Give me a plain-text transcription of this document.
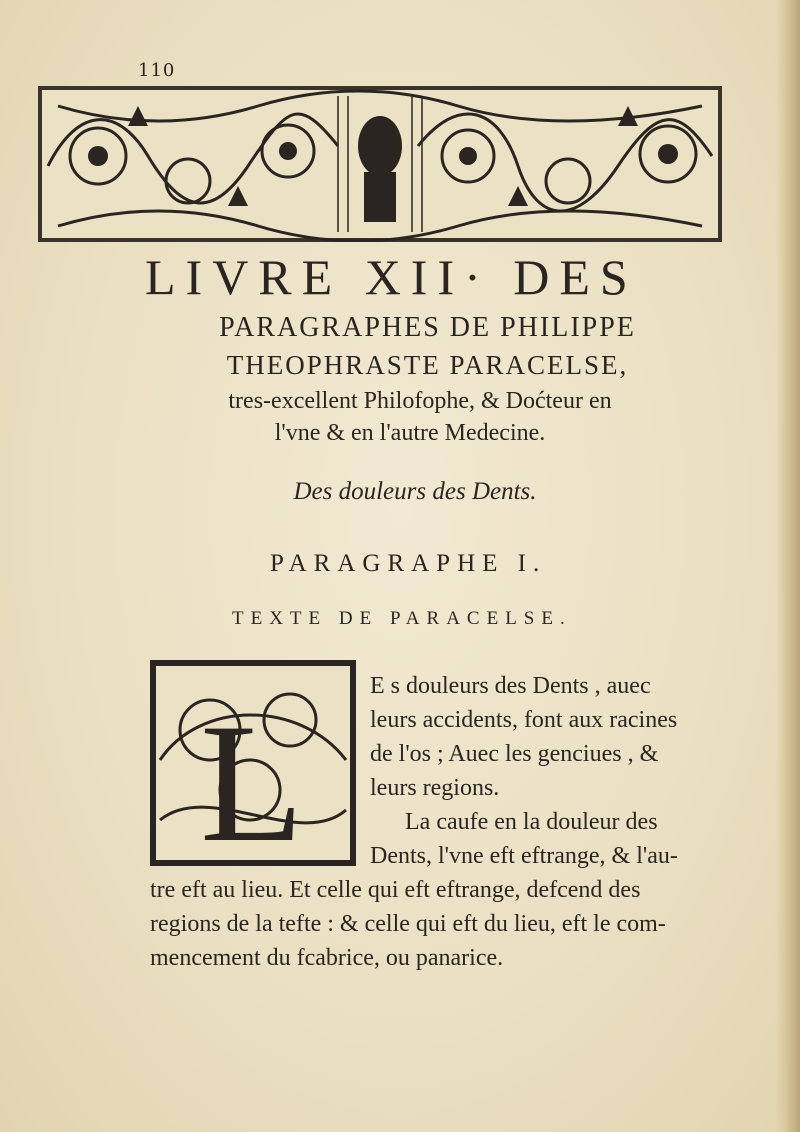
110
LIVRE XII· DES
PARAGRAPHES DE PHILIPPE
THEOPHRASTE PARACELSE,
tres-excellent Philofophe, & Doćteur en
l'vne & en l'autre Medecine.
Des douleurs des Dents.
PARAGRAPHE I.
TEXTE DE PARACELSE.
L
E s douleurs des Dents , auec
leurs accidents, font aux racines
de l'os ; Auec les genciues , &
leurs regions.
La caufe en la douleur des
Dents, l'vne eft eftrange, & l'au-
tre eft au lieu. Et celle qui eft eftrange, defcend des
regions de la tefte : & celle qui eft du lieu, eft le com-
mencement du fcabrice, ou panarice.
